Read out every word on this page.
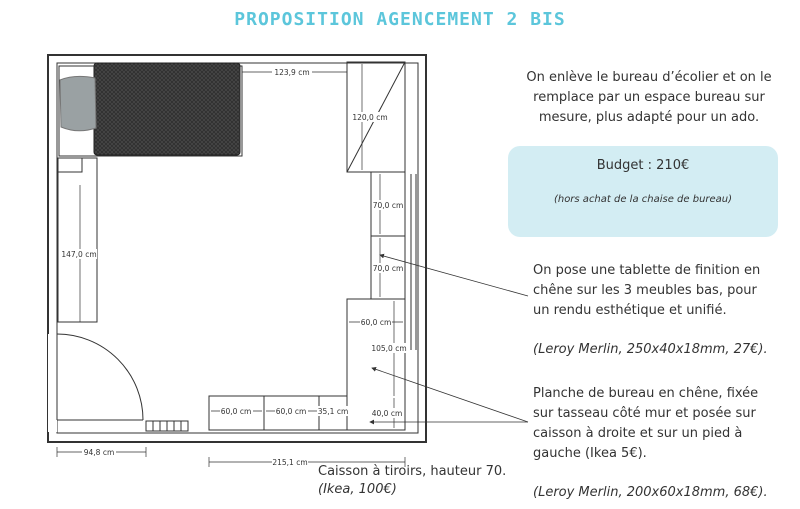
PROPOSITION AGENCEMENT 2 BIS
123,9 cm
120,0 cm
147,0 cm
70,0 cm
70,0 cm
60,0 cm
105,0 cm
60,0 cm	60,0 cm 35,1 cm	40,0 cm
94,8 cm
215,1 cm
On enlève le bureau d’écolier et on le remplace par un espace bureau sur mesure, plus adapté pour un ado.
Budget : 210€
(hors achat de la chaise de bureau)
On pose une tablette de finition en chêne sur les 3 meubles bas, pour un rendu esthétique et unifié.
(Leroy Merlin, 250x40x18mm, 27€).
Planche de bureau en chêne, fixée sur tasseau côté mur et posée sur caisson à droite et sur un pied à gauche (Ikea 5€).
(Leroy Merlin, 200x60x18mm, 68€).
Caisson à tiroirs, hauteur 70.
(Ikea, 100€)
